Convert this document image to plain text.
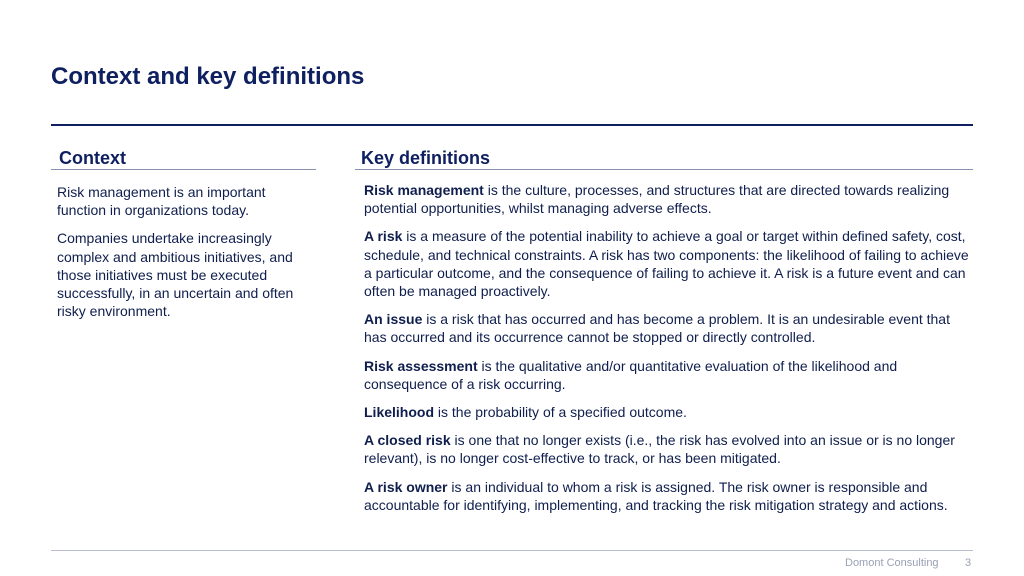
Context and key definitions
Context

Risk management is an important function in organizations today.

Companies undertake increasingly complex and ambitious initiatives, and those initiatives must be executed successfully, in an uncertain and often risky environment.

Key definitions

Risk management is the culture, processes, and structures that are directed towards realizing potential opportunities, whilst managing adverse effects.

A risk is a measure of the potential inability to achieve a goal or target within defined safety, cost, schedule, and technical constraints. A risk has two components: the likelihood of failing to achieve a particular outcome, and the consequence of failing to achieve it. A risk is a future event and can often be managed proactively.

An issue is a risk that has occurred and has become a problem. It is an undesirable event that has occurred and its occurrence cannot be stopped or directly controlled.

Risk assessment is the qualitative and/or quantitative evaluation of the likelihood and consequence of a risk occurring.

Likelihood is the probability of a specified outcome.

A closed risk is one that no longer exists (i.e., the risk has evolved into an issue or is no longer relevant), is no longer cost-effective to track, or has been mitigated.

A risk owner is an individual to whom a risk is assigned. The risk owner is responsible and accountable for identifying, implementing, and tracking the risk mitigation strategy and actions.

Domont Consulting 3
